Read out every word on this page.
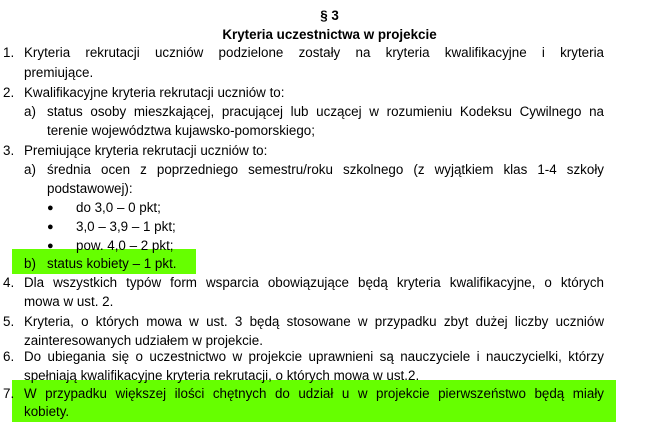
§ 3
Kryteria uczestnictwa w projekcie
1. Kryteria rekrutacji uczniów podzielone zostały na kryteria kwalifikacyjne i kryteria
premiujące.
2. Kwalifikacyjne kryteria rekrutacji uczniów to:
a) status osoby mieszkającej, pracującej lub uczącej w rozumieniu Kodeksu Cywilnego na
terenie województwa kujawsko-pomorskiego;
3. Premiujące kryteria rekrutacji uczniów to:
a) średnia ocen z poprzedniego semestru/roku szkolnego (z wyjątkiem klas 1-4 szkoły
podstawowej):
● do 3,0 – 0 pkt;
● 3,0 – 3,9 – 1 pkt;
● pow. 4,0 – 2 pkt;
b) status kobiety – 1 pkt.
4. Dla wszystkich typów form wsparcia obowiązujące będą kryteria kwalifikacyjne, o których
mowa w ust. 2.
5. Kryteria, o których mowa w ust. 3 będą stosowane w przypadku zbyt dużej liczby uczniów
zainteresowanych udziałem w projekcie.
6. Do ubiegania się o uczestnictwo w projekcie uprawnieni są nauczyciele i nauczycielki, którzy
spełniają kwalifikacyjne kryteria rekrutacji, o których mowa w ust.2.
7. W przypadku większej ilości chętnych do udział u w projekcie pierwszeństwo będą miały
kobiety.
